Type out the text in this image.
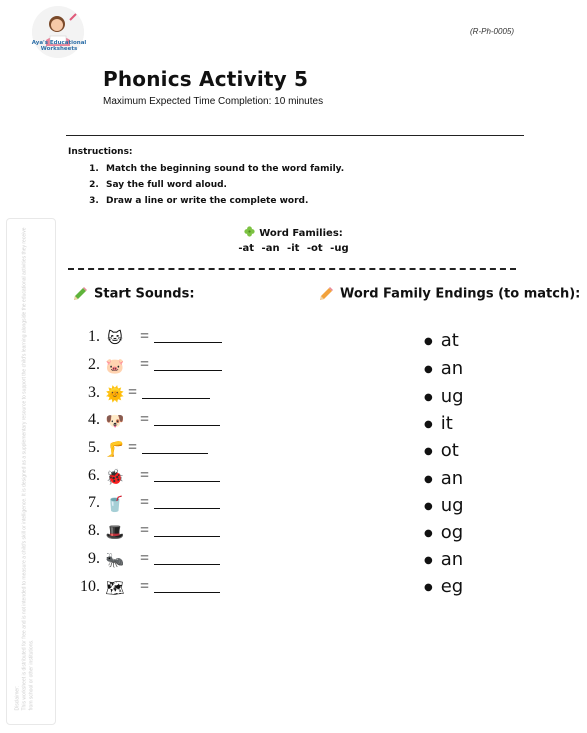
Aya's Educational
Worksheets
(R-Ph-0005)
Phonics Activity 5
Maximum Expected Time Completion: 10 minutes
Instructions:
1. Match the beginning sound to the word family.
2. Say the full word aloud.
3. Draw a line or write the complete word.
Word Families:
-at -an -it -ot -ug
Start Sounds:	Word Family Endings (to match):
1. 🐱 =
2. 🐷 =
3. 🌞 =
4. 🐶 =
5. 🦵 =
6. 🐞 =
7. 🥤 =
8. 🎩 =
9. 🐜 =
10. 🗺 =
● at
● an
● ug
● it
● ot
● an
● ug
● og
● an
● eg
Disclaimer: This worksheet is distributed for free and is not intended to measure a child's skill or intelligence. It is designed as a supplementary resource to support the child's learning alongside the educational activities they receive from school or other institutions.
